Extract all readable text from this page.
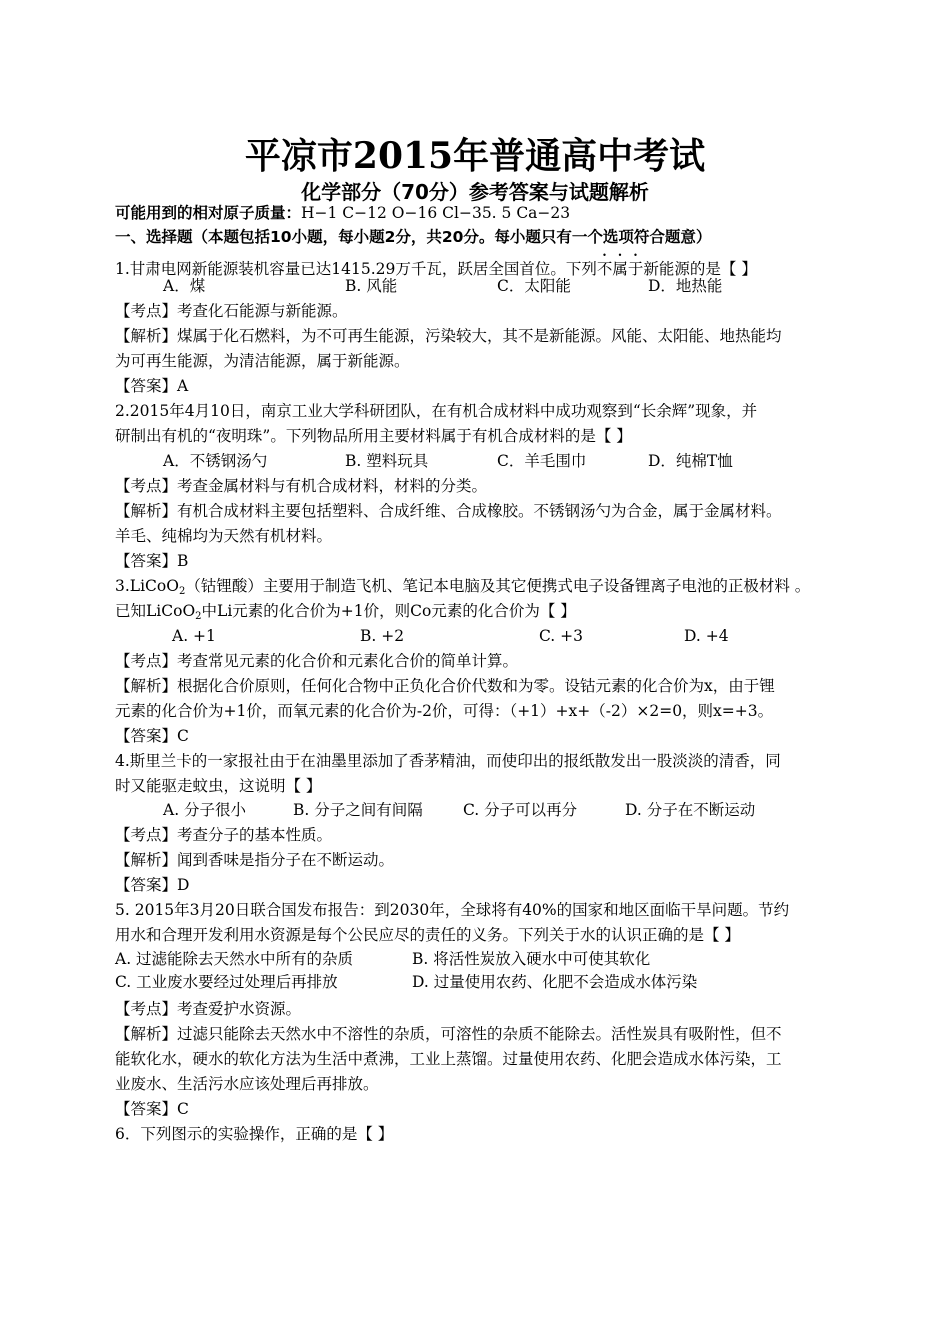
平凉市2015年普通高中考试
化学部分（70分）参考答案与试题解析
可能用到的相对原子质量：H−1 C−12 O−16 Cl−35. 5 Ca−23
一、选择题（本题包括10小题，每小题2分，共20分。每小题只有一个选项符合题意）
1.甘肃电网新能源装机容量已达1415.29万千瓦，跃居全国首位。下列不属于新能源的是【 】
A．煤	B. 风能	C．太阳能	D．地热能
【考点】考查化石能源与新能源。
【解析】煤属于化石燃料，为不可再生能源，污染较大，其不是新能源。风能、太阳能、地热能均
为可再生能源，为清洁能源，属于新能源。
【答案】A
2.2015年4月10日，南京工业大学科研团队，在有机合成材料中成功观察到“长余辉”现象，并
研制出有机的“夜明珠”。下列物品所用主要材料属于有机合成材料的是【 】
A．不锈钢汤勺	B. 塑料玩具	C．羊毛围巾	D．纯棉T恤
【考点】考查金属材料与有机合成材料，材料的分类。
【解析】有机合成材料主要包括塑料、合成纤维、合成橡胶。不锈钢汤勺为合金，属于金属材料。
羊毛、纯棉均为天然有机材料。
【答案】B
3.LiCoO$_2$（钴锂酸）主要用于制造飞机、笔记本电脑及其它便携式电子设备锂离子电池的正极材料 。
已知LiCoO$_2$中Li元素的化合价为+1价，则Co元素的化合价为【 】
A. +1	B. +2	C. +3	D. +4
【考点】考查常见元素的化合价和元素化合价的简单计算。
【解析】根据化合价原则，任何化合物中正负化合价代数和为零。设钴元素的化合价为x，由于锂
元素的化合价为+1价，而氧元素的化合价为-2价，可得：（+1）+x+（-2）×2=0，则x=+3。
【答案】C
4.斯里兰卡的一家报社由于在油墨里添加了香茅精油，而使印出的报纸散发出一股淡淡的清香，同
时又能驱走蚊虫，这说明【 】
A. 分子很小	B. 分子之间有间隔	C. 分子可以再分	D. 分子在不断运动
【考点】考查分子的基本性质。
【解析】闻到香味是指分子在不断运动。
【答案】D
5. 2015年3月20日联合国发布报告：到2030年，全球将有40%的国家和地区面临干旱问题。节约
用水和合理开发利用水资源是每个公民应尽的责任的义务。下列关于水的认识正确的是【 】
A. 过滤能除去天然水中所有的杂质	B. 将活性炭放入硬水中可使其软化
C. 工业废水要经过处理后再排放	D. 过量使用农药、化肥不会造成水体污染
【考点】考查爱护水资源。
【解析】过滤只能除去天然水中不溶性的杂质，可溶性的杂质不能除去。活性炭具有吸附性，但不
能软化水，硬水的软化方法为生活中煮沸，工业上蒸馏。过量使用农药、化肥会造成水体污染，工
业废水、生活污水应该处理后再排放。
【答案】C
6．下列图示的实验操作，正确的是【 】
